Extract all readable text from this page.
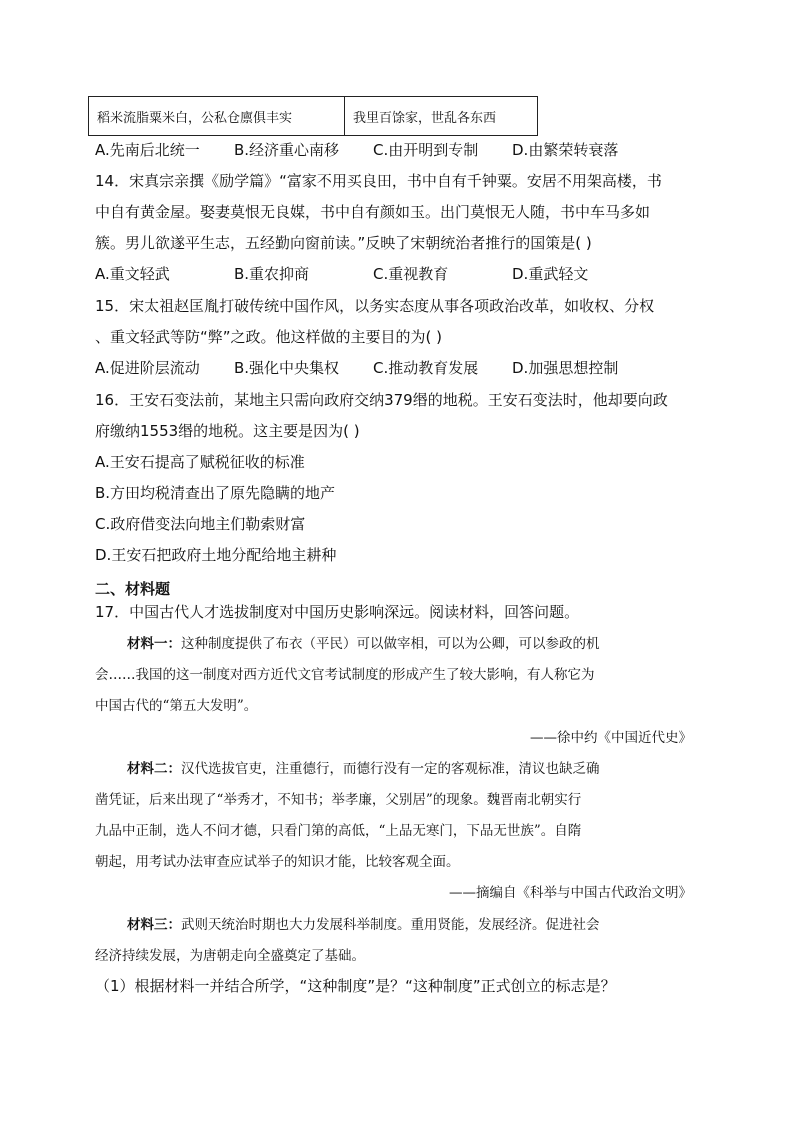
稻米流脂粟米白，公私仓廪俱丰实	我里百馀家，世乱各东西
A.先南后北统一 B.经济重心南移 C.由开明到专制 D.由繁荣转衰落
14．宋真宗亲撰《励学篇》“富家不用买良田，书中自有千钟粟。安居不用架高楼，书
中自有黄金屋。娶妻莫恨无良媒，书中自有颜如玉。出门莫恨无人随，书中车马多如
簇。男儿欲遂平生志，五经勤向窗前读。”反映了宋朝统治者推行的国策是( )
A.重文轻武	B.重农抑商	C.重视教育	D.重武轻文
15．宋太祖赵匡胤打破传统中国作风，以务实态度从事各项政治改革，如收权、分权
、重文轻武等防“弊”之政。他这样做的主要目的为( )
A.促进阶层流动 B.强化中央集权 C.推动教育发展 D.加强思想控制
16．王安石变法前，某地主只需向政府交纳379缗的地税。王安石变法时，他却要向政
府缴纳1553缗的地税。这主要是因为( )
A.王安石提高了赋税征收的标准
B.方田均税清查出了原先隐瞒的地产
C.政府借变法向地主们勒索财富
D.王安石把政府土地分配给地主耕种
二、材料题
17．中国古代人才选拔制度对中国历史影响深远。阅读材料，回答问题。
材料一：这种制度提供了布衣（平民）可以做宰相，可以为公卿，可以参政的机
会……我国的这一制度对西方近代文官考试制度的形成产生了较大影响，有人称它为
中国古代的“第五大发明”。
——徐中约《中国近代史》
材料二：汉代选拔官吏，注重德行，而德行没有一定的客观标准，清议也缺乏确
凿凭证，后来出现了“举秀才，不知书；举孝廉，父别居”的现象。魏晋南北朝实行
九品中正制，选人不问才德，只看门第的高低，“上品无寒门，下品无世族”。自隋
朝起，用考试办法审查应试举子的知识才能，比较客观全面。
——摘编自《科举与中国古代政治文明》
材料三：武则天统治时期也大力发展科举制度。重用贤能，发展经济。促进社会
经济持续发展，为唐朝走向全盛奠定了基础。
（1）根据材料一并结合所学，“这种制度”是？“这种制度”正式创立的标志是？
